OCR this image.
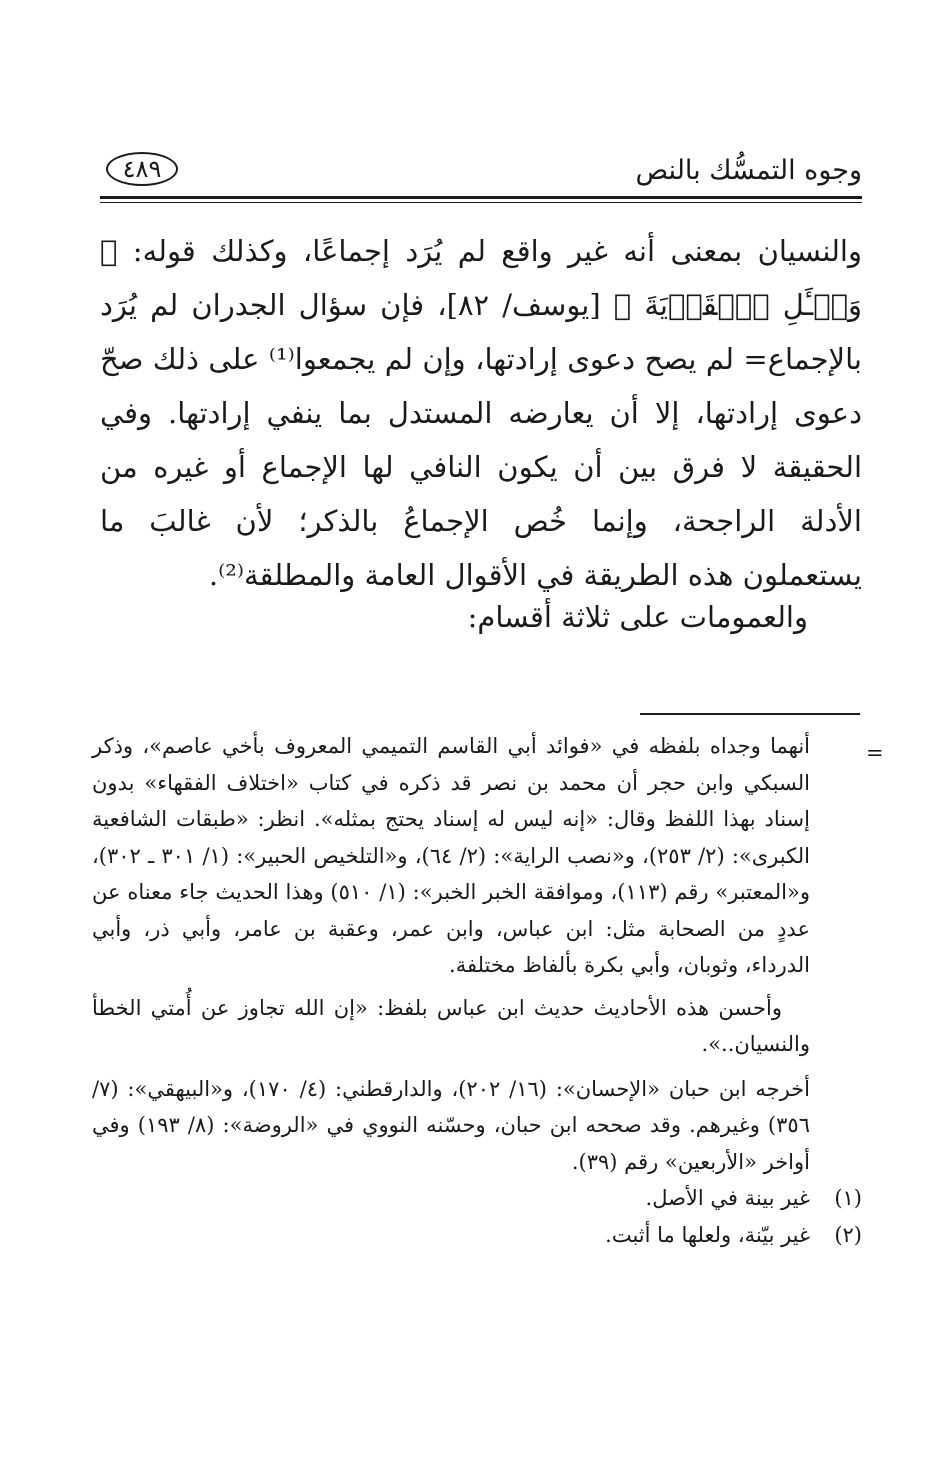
وجوه التمسُّك بالنص
٤٨٩

والنسيان بمعنى أنه غير واقع لم يُرَد إجماعًا، وكذلك قوله: ﴿ وَسۡـَٔلِ ٱلۡقَرۡيَةَ ﴾ [يوسف/ ٨٢]، فإن سؤال الجدران لم يُرَد بالإجماع= لم يصح دعوى إرادتها، وإن لم يجمعوا⁽¹⁾ على ذلك صحّ دعوى إرادتها، إلا أن يعارضه المستدل بما ينفي إرادتها. وفي الحقيقة لا فرق بين أن يكون النافي لها الإجماع أو غيره من الأدلة الراجحة، وإنما خُص الإجماعُ بالذكر؛ لأن غالبَ ما يستعملون هذه الطريقة في الأقوال العامة والمطلقة⁽²⁾.

والعمومات على ثلاثة أقسام:
=

أنهما وجداه بلفظه في «فوائد أبي القاسم التميمي المعروف بأخي عاصم»، وذكر السبكي وابن حجر أن محمد بن نصر قد ذكره في كتاب «اختلاف الفقهاء» بدون إسناد بهذا اللفظ وقال: «إنه ليس له إسناد يحتج بمثله». انظر: «طبقات الشافعية الكبرى»: (٢/ ٢٥٣)، و«نصب الراية»: (٢/ ٦٤)، و«التلخيص الحبير»: (١/ ٣٠١ ـ ٣٠٢)، و«المعتبر» رقم (١١٣)، وموافقة الخبر الخبر»: (١/ ٥١٠) وهذا الحديث جاء معناه عن عددٍ من الصحابة مثل: ابن عباس، وابن عمر، وعقبة بن عامر، وأبي ذر، وأبي الدرداء، وثوبان، وأبي بكرة بألفاظ مختلفة.

وأحسن هذه الأحاديث حديث ابن عباس بلفظ: «إن الله تجاوز عن أُمتي الخطأ والنسيان..».

أخرجه ابن حبان «الإحسان»: (١٦/ ٢٠٢)، والدارقطني: (٤/ ١٧٠)، و«البيهقي»: (٧/ ٣٥٦) وغيرهم. وقد صححه ابن حبان، وحسّنه النووي في «الروضة»: (٨/ ١٩٣) وفي أواخر «الأربعين» رقم (٣٩).

(١)
غير بينة في الأصل.
(٢)
غير بيّنة، ولعلها ما أثبت.
